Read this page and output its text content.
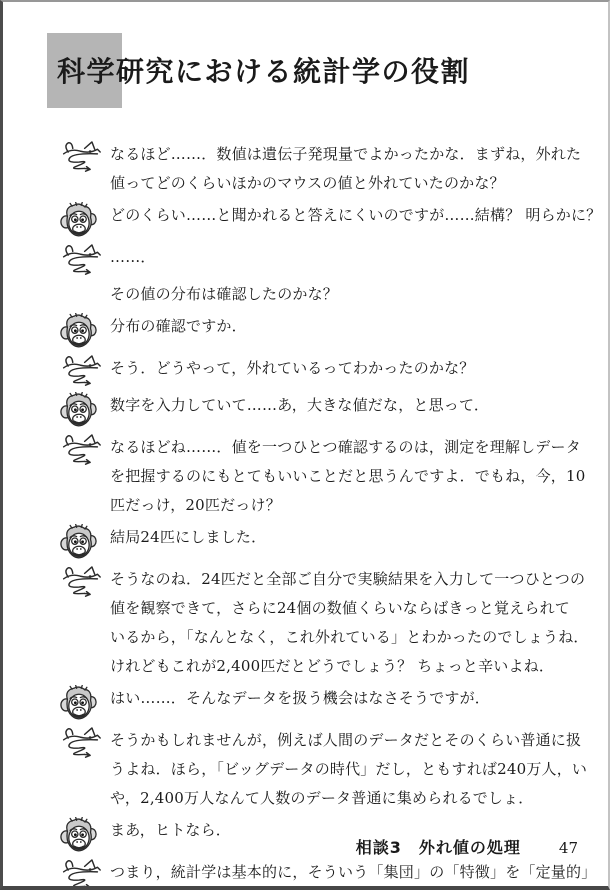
科学研究における統計学の役割
なるほど……．数値は遺伝子発現量でよかったかな．まずね，外れた
値ってどのくらいほかのマウスの値と外れていたのかな？
どのくらい……と聞かれると答えにくいのですが……結構？ 明らかに？
……．
その値の分布は確認したのかな？
分布の確認ですか．
そう．どうやって，外れているってわかったのかな？
数字を入力していて……あ，大きな値だな，と思って．
なるほどね……．値を一つひとつ確認するのは，測定を理解しデータ
を把握するのにもとてもいいことだと思うんですよ．でもね，今，10
匹だっけ，20匹だっけ？
結局24匹にしました．
そうなのね．24匹だと全部ご自分で実験結果を入力して一つひとつの
値を観察できて，さらに24個の数値くらいならばきっと覚えられて
いるから，「なんとなく，これ外れている」とわかったのでしょうね．
けれどもこれが2,400匹だとどうでしょう？ ちょっと辛いよね．
はい……．そんなデータを扱う機会はなさそうですが．
そうかもしれませんが，例えば人間のデータだとそのくらい普通に扱
うよね．ほら，「ビッグデータの時代」だし，ともすれば240万人，い
や，2,400万人なんて人数のデータ普通に集められるでしょ．
まあ，ヒトなら．
つまり，統計学は基本的に，そういう「集団」の「特徴」を「定量的」
相談3　外れ値の処理	47
